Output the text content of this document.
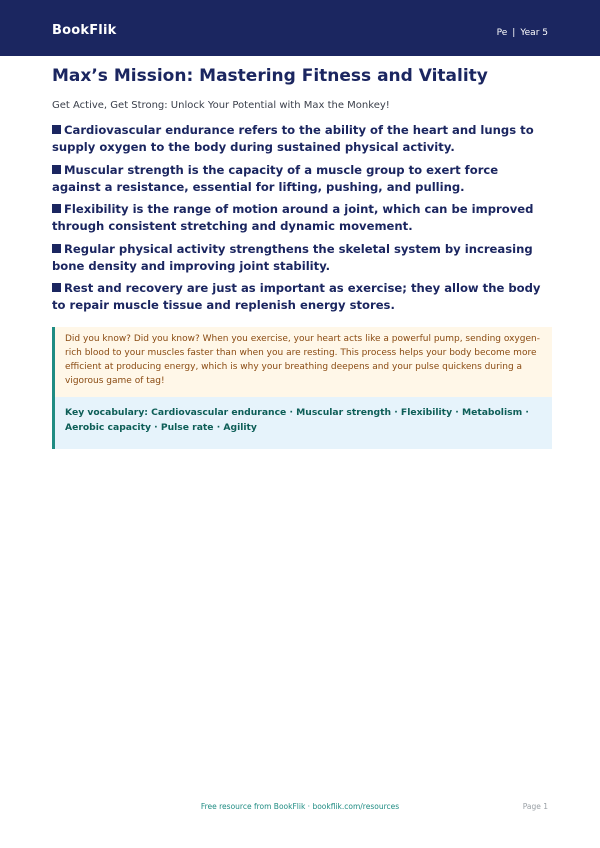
BookFlik	Pe | Year 5
Max’s Mission: Mastering Fitness and Vitality
Get Active, Get Strong: Unlock Your Potential with Max the Monkey!
Cardiovascular endurance refers to the ability of the heart and lungs to supply oxygen to the body during sustained physical activity.
Muscular strength is the capacity of a muscle group to exert force against a resistance, essential for lifting, pushing, and pulling.
Flexibility is the range of motion around a joint, which can be improved through consistent stretching and dynamic movement.
Regular physical activity strengthens the skeletal system by increasing bone density and improving joint stability.
Rest and recovery are just as important as exercise; they allow the body to repair muscle tissue and replenish energy stores.
Did you know? Did you know? When you exercise, your heart acts like a powerful pump, sending oxygen-rich blood to your muscles faster than when you are resting. This process helps your body become more efficient at producing energy, which is why your breathing deepens and your pulse quickens during a vigorous game of tag!
Key vocabulary: Cardiovascular endurance · Muscular strength · Flexibility · Metabolism · Aerobic capacity · Pulse rate · Agility
Free resource from BookFlik · bookflik.com/resources	Page 1
